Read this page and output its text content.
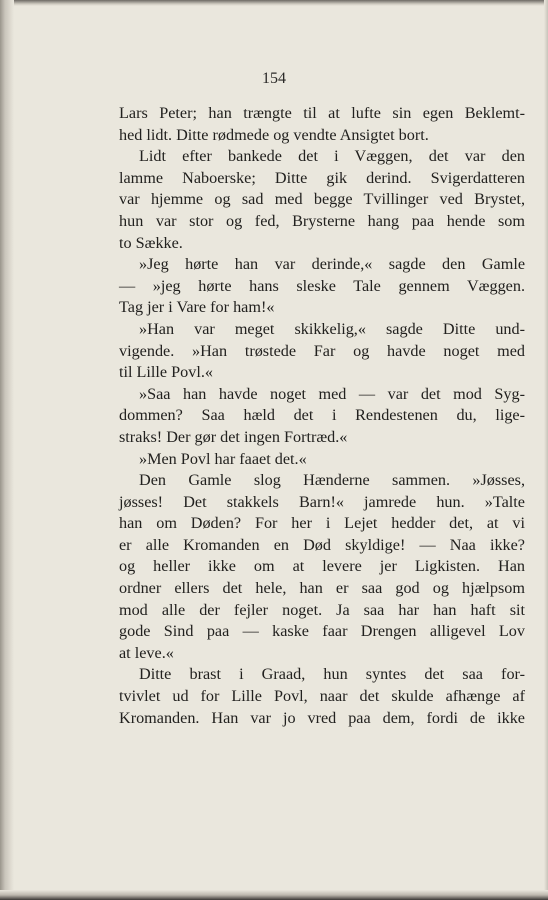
154
Lars Peter; han trængte til at lufte sin egen Beklemt-
hed lidt. Ditte rødmede og vendte Ansigtet bort.
Lidt efter bankede det i Væggen, det var den
lamme Naboerske; Ditte gik derind. Svigerdatteren
var hjemme og sad med begge Tvillinger ved Brystet,
hun var stor og fed, Brysterne hang paa hende som
to Sække.
»Jeg hørte han var derinde,« sagde den Gamle
— »jeg hørte hans sleske Tale gennem Væggen.
Tag jer i Vare for ham!«
»Han var meget skikkelig,« sagde Ditte und-
vigende. »Han trøstede Far og havde noget med
til Lille Povl.«
»Saa han havde noget med — var det mod Syg-
dommen? Saa hæld det i Rendestenen du, lige-
straks! Der gør det ingen Fortræd.«
»Men Povl har faaet det.«
Den Gamle slog Hænderne sammen. »Jøsses,
jøsses! Det stakkels Barn!« jamrede hun. »Talte
han om Døden? For her i Lejet hedder det, at vi
er alle Kromanden en Død skyldige! — Naa ikke?
og heller ikke om at levere jer Ligkisten. Han
ordner ellers det hele, han er saa god og hjælpsom
mod alle der fejler noget. Ja saa har han haft sit
gode Sind paa — kaske faar Drengen alligevel Lov
at leve.«
Ditte brast i Graad, hun syntes det saa for-
tvivlet ud for Lille Povl, naar det skulde afhænge af
Kromanden. Han var jo vred paa dem, fordi de ikke
